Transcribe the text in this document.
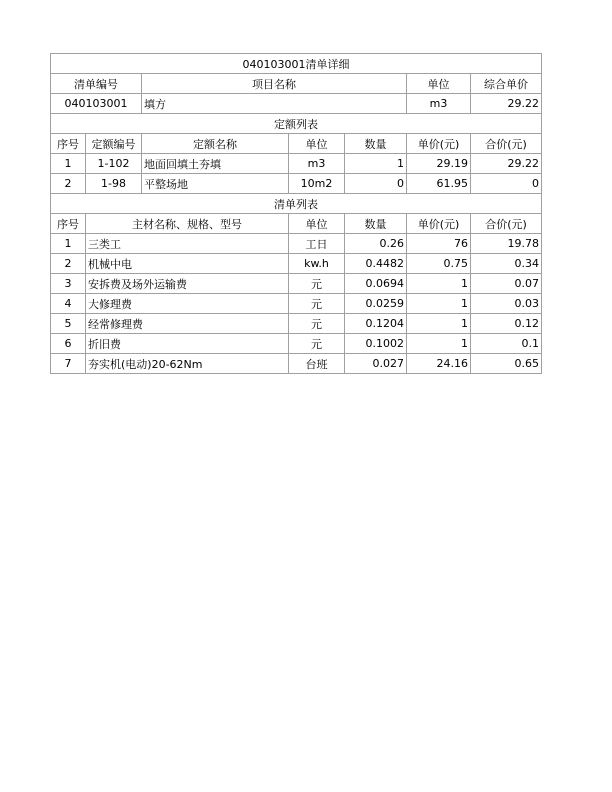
040103001清单详细						
清单编号		项目名称			单位	综合单价
040103001		填方			m3	29.22
定额列表						
序号	定额编号	定额名称	单位	数量	单价(元)	合价(元)
1	1-102	地面回填土夯填	m3	1	29.19	29.22
2	1-98	平整场地	10m2	0	61.95	0
清单列表						
序号	主材名称、规格、型号		单位	数量	单价(元)	合价(元)
1	三类工		工日	0.26	76	19.78
2	机械中电		kw.h	0.4482	0.75	0.34
3	安拆费及场外运输费		元	0.0694	1	0.07
4	大修理费		元	0.0259	1	0.03
5	经常修理费		元	0.1204	1	0.12
6	折旧费		元	0.1002	1	0.1
7	夯实机(电动)20-62Nm		台班	0.027	24.16	0.65
